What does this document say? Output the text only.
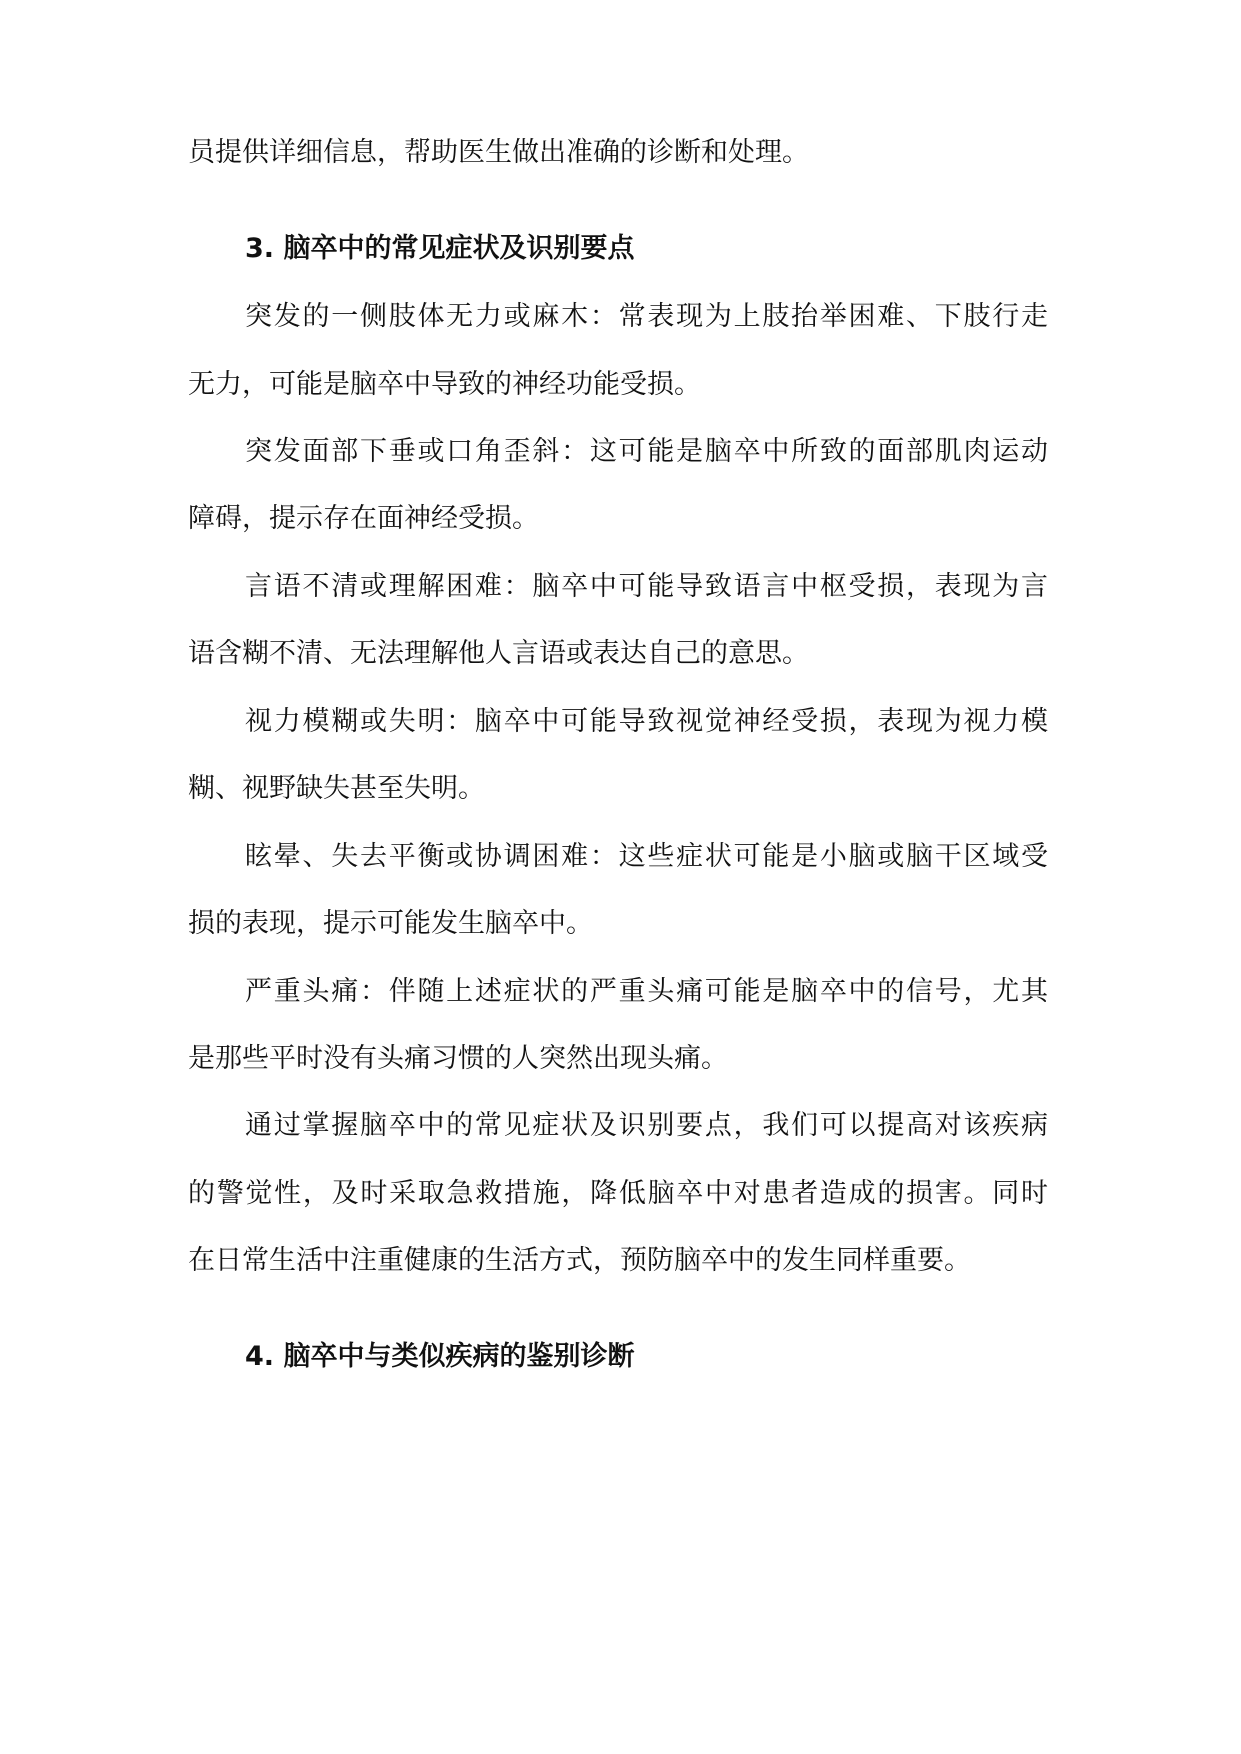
员提供详细信息，帮助医生做出准确的诊断和处理。
3. 脑卒中的常见症状及识别要点
突发的一侧肢体无力或麻木：常表现为上肢抬举困难、下肢行走
无力，可能是脑卒中导致的神经功能受损。
突发面部下垂或口角歪斜：这可能是脑卒中所致的面部肌肉运动
障碍，提示存在面神经受损。
言语不清或理解困难：脑卒中可能导致语言中枢受损，表现为言
语含糊不清、无法理解他人言语或表达自己的意思。
视力模糊或失明：脑卒中可能导致视觉神经受损，表现为视力模
糊、视野缺失甚至失明。
眩晕、失去平衡或协调困难：这些症状可能是小脑或脑干区域受
损的表现，提示可能发生脑卒中。
严重头痛：伴随上述症状的严重头痛可能是脑卒中的信号，尤其
是那些平时没有头痛习惯的人突然出现头痛。
通过掌握脑卒中的常见症状及识别要点，我们可以提高对该疾病
的警觉性，及时采取急救措施，降低脑卒中对患者造成的损害。同时
在日常生活中注重健康的生活方式，预防脑卒中的发生同样重要。
4. 脑卒中与类似疾病的鉴别诊断
